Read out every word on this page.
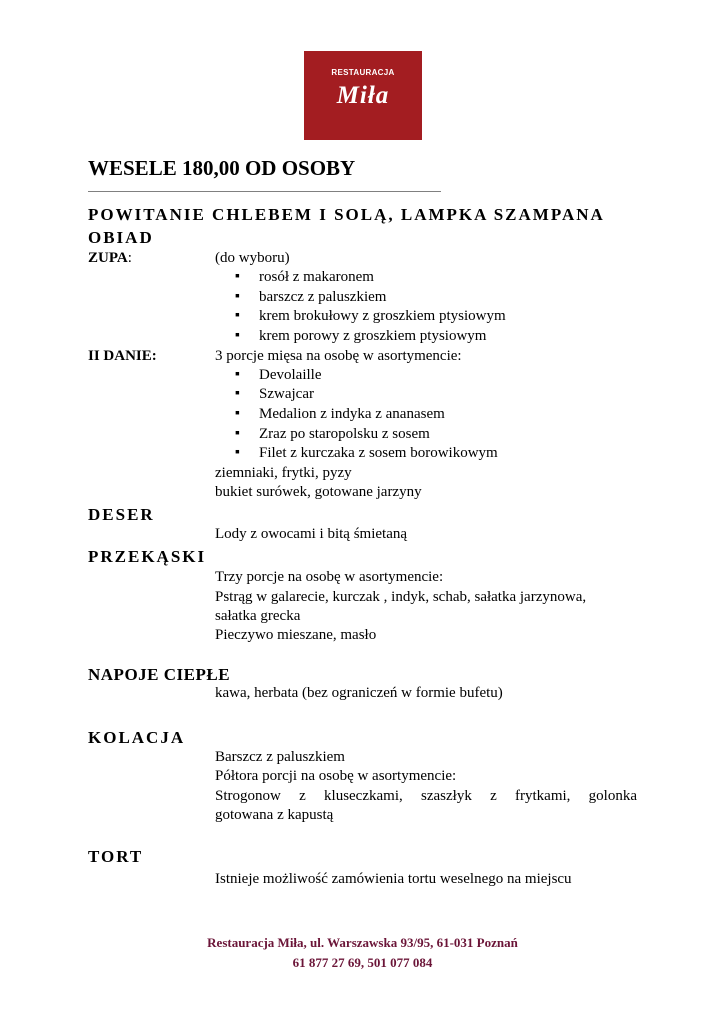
RESTAURACJA
Miła
WESELE 180,00 OD OSOBY
POWITANIE CHLEBEM I SOLĄ, LAMPKA SZAMPANA
OBIAD
ZUPA:	(do wyboru)
rosół z makaronem
barszcz z paluszkiem
krem brokułowy z groszkiem ptysiowym
krem porowy z groszkiem ptysiowym
II DANIE:	3 porcje mięsa na osobę w asortymencie:
Devolaille
Szwajcar
Medalion z indyka z ananasem
Zraz po staropolsku z sosem
Filet z kurczaka z sosem borowikowym
ziemniaki, frytki, pyzy
bukiet surówek, gotowane jarzyny
DESER
Lody z owocami i bitą śmietaną
PRZEKĄSKI
Trzy porcje na osobę w asortymencie:
Pstrąg w galarecie, kurczak , indyk, schab, sałatka jarzynowa,
sałatka grecka
Pieczywo mieszane, masło
NAPOJE CIEPŁE
kawa, herbata (bez ograniczeń w formie bufetu)
KOLACJA
Barszcz z paluszkiem
Półtora porcji na osobę w asortymencie:
Strogonow z kluseczkami, szaszłyk z frytkami, golonka
gotowana z kapustą
TORT
Istnieje możliwość zamówienia tortu weselnego na miejscu
Restauracja Miła, ul. Warszawska 93/95, 61-031 Poznań
61 877 27 69, 501 077 084
